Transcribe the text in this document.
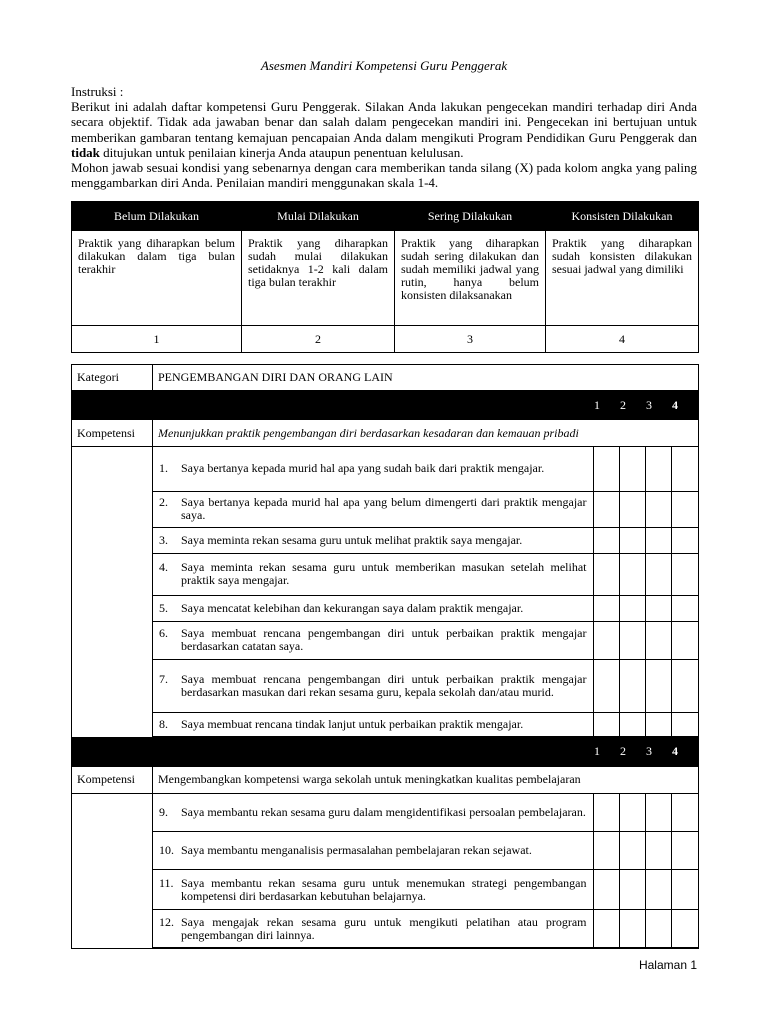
Asesmen Mandiri Kompetensi Guru Penggerak

Instruksi :

Berikut ini adalah daftar kompetensi Guru Penggerak. Silakan Anda lakukan pengecekan mandiri terhadap diri Anda secara objektif. Tidak ada jawaban benar dan salah dalam pengecekan mandiri ini. Pengecekan ini bertujuan untuk memberikan gambaran tentang kemajuan pencapaian Anda dalam mengikuti Program Pendidikan Guru Penggerak dan tidak ditujukan untuk penilaian kinerja Anda ataupun penentuan kelulusan.

Mohon jawab sesuai kondisi yang sebenarnya dengan cara memberikan tanda silang (X) pada kolom angka yang paling menggambarkan diri Anda. Penilaian mandiri menggunakan skala 1-4.

Belum Dilakukan	Mulai Dilakukan	Sering Dilakukan	Konsisten Dilakukan
Praktik yang diharapkan belum dilakukan dalam tiga bulan terakhir	Praktik yang diharapkan sudah mulai dilakukan setidaknya 1-2 kali dalam tiga bulan terakhir	Praktik yang diharapkan sudah sering dilakukan dan sudah memiliki jadwal yang rutin, hanya belum konsisten dilaksanakan	Praktik yang diharapkan sudah konsisten dilakukan sesuai jadwal yang dimiliki
1	2	3	4
Kategori	PENGEMBANGAN DIRI DAN ORANG LAIN
	1 2 3 4
Kompetensi	Menunjukkan praktik pengembangan diri berdasarkan kesadaran dan kemauan pribadi

1.	Saya bertanya kepada murid hal apa yang sudah baik dari praktik mengajar.

2.	Saya bertanya kepada murid hal apa yang belum dimengerti dari praktik mengajar saya.

3.	Saya meminta rekan sesama guru untuk melihat praktik saya mengajar.

4.	Saya meminta rekan sesama guru untuk memberikan masukan setelah melihat praktik saya mengajar.

5.	Saya mencatat kelebihan dan kekurangan saya dalam praktik mengajar.

6.	Saya membuat rencana pengembangan diri untuk perbaikan praktik mengajar berdasarkan catatan saya.

7.	Saya membuat rencana pengembangan diri untuk perbaikan praktik mengajar berdasarkan masukan dari rekan sesama guru, kepala sekolah dan/atau murid.

8.	Saya membuat rencana tindak lanjut untuk perbaikan praktik mengajar.

	1 2 3 4
Kompetensi	Mengembangkan kompetensi warga sekolah untuk meningkatkan kualitas pembelajaran

9.	Saya membantu rekan sesama guru dalam mengidentifikasi persoalan pembelajaran.

10. Saya membantu menganalisis permasalahan pembelajaran rekan sejawat.

11. Saya membantu rekan sesama guru untuk menemukan strategi pengembangan kompetensi diri berdasarkan kebutuhan belajarnya.

12. Saya mengajak rekan sesama guru untuk mengikuti pelatihan atau program pengembangan diri lainnya.

Halaman 1
